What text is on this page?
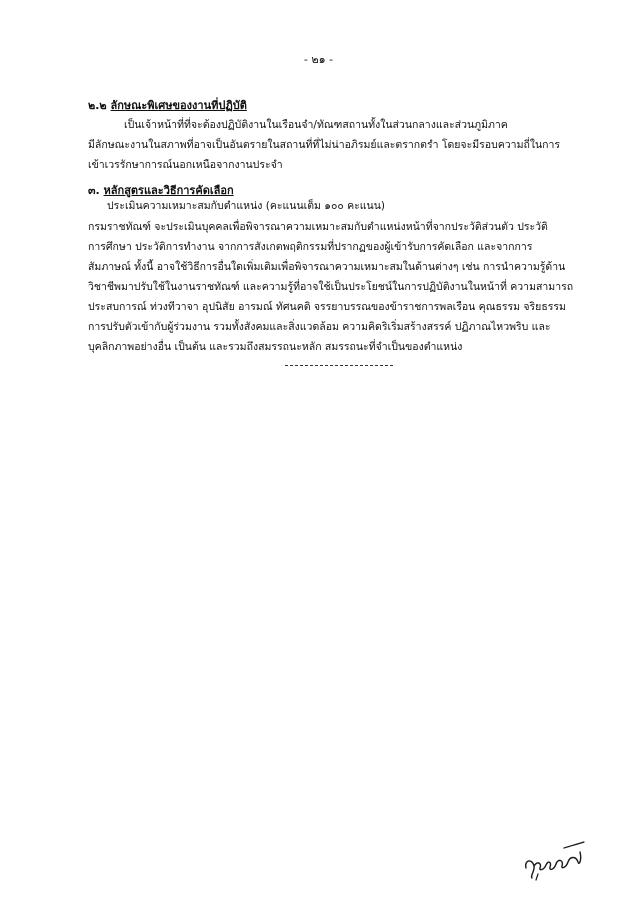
- ๒๑ -
๒.๒ ลักษณะพิเศษของงานที่ปฏิบัติ
เป็นเจ้าหน้าที่ที่จะต้องปฏิบัติงานในเรือนจำ/ทัณฑสถานทั้งในส่วนกลางและส่วนภูมิภาค
มีลักษณะงานในสภาพที่อาจเป็นอันตรายในสถานที่ที่ไม่น่าอภิรมย์และตรากตรำ โดยจะมีรอบความถี่ในการ
เข้าเวรรักษาการณ์นอกเหนือจากงานประจำ
๓. หลักสูตรและวิธีการคัดเลือก
ประเมินความเหมาะสมกับตำแหน่ง (คะแนนเต็ม ๑๐๐ คะแนน)
กรมราชทัณฑ์ จะประเมินบุคคลเพื่อพิจารณาความเหมาะสมกับตำแหน่งหน้าที่จากประวัติส่วนตัว ประวัติ
การศึกษา ประวัติการทำงาน จากการสังเกตพฤติกรรมที่ปรากฏของผู้เข้ารับการคัดเลือก และจากการ
สัมภาษณ์ ทั้งนี้ อาจใช้วิธีการอื่นใดเพิ่มเติมเพื่อพิจารณาความเหมาะสมในด้านต่างๆ เช่น การนำความรู้ด้าน
วิชาชีพมาปรับใช้ในงานราชทัณฑ์ และความรู้ที่อาจใช้เป็นประโยชน์ในการปฏิบัติงานในหน้าที่ ความสามารถ
ประสบการณ์ ท่วงทีวาจา อุปนิสัย อารมณ์ ทัศนคติ จรรยาบรรณของข้าราชการพลเรือน คุณธรรม จริยธรรม
การปรับตัวเข้ากับผู้ร่วมงาน รวมทั้งสังคมและสิ่งแวดล้อม ความคิดริเริ่มสร้างสรรค์ ปฏิภาณไหวพริบ และ
บุคลิกภาพอย่างอื่น เป็นต้น และรวมถึงสมรรถนะหลัก สมรรถนะที่จำเป็นของตำแหน่ง
